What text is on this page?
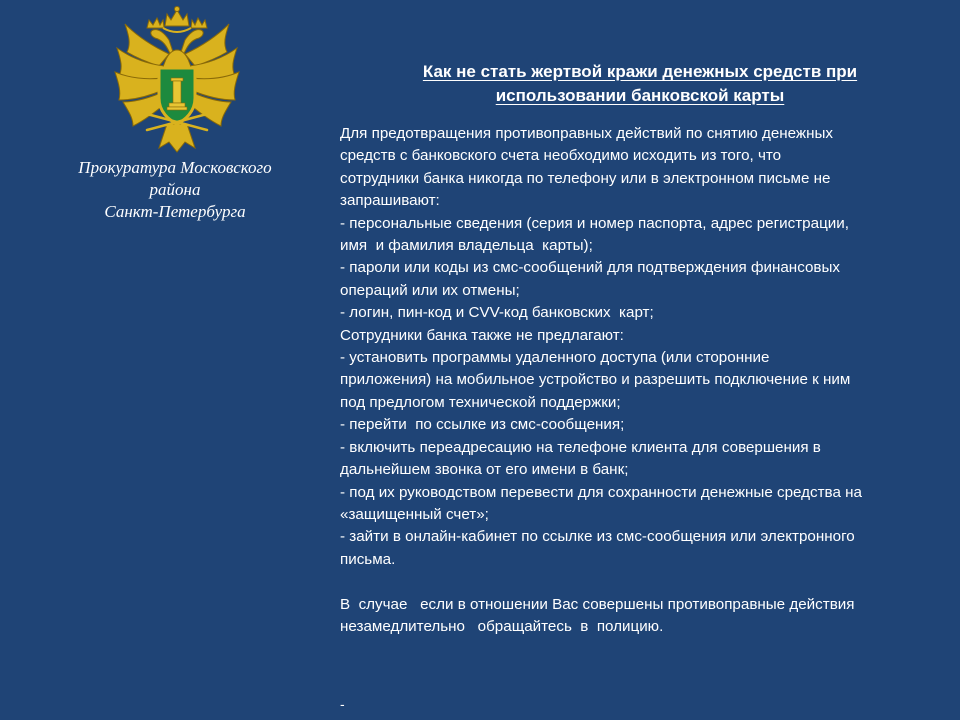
Прокуратура Московского
района
Санкт-Петербурга
Как не стать жертвой кражи денежных средств при
использовании банковской карты
Для предотвращения противоправных действий по снятию денежных
средств с банковского счета необходимо исходить из того, что
сотрудники банка никогда по телефону или в электронном письме не
запрашивают:
- персональные сведения (серия и номер паспорта, адрес регистрации,
имя  и фамилия владельца  карты);
- пароли или коды из смс-сообщений для подтверждения финансовых
операций или их отмены;
- логин, пин-код и CVV-код банковских  карт;
Сотрудники банка также не предлагают:
- установить программы удаленного доступа (или сторонние
приложения) на мобильное устройство и разрешить подключение к ним
под предлогом технической поддержки;
- перейти  по ссылке из смс-сообщения;
- включить переадресацию на телефоне клиента для совершения в
дальнейшем звонка от его имени в банк;
- под их руководством перевести для сохранности денежные средства на
«защищенный счет»;
- зайти в онлайн-кабинет по ссылке из смс-сообщения или электронного
письма.
В  случае   если в отношении Вас совершены противоправные действия
незамедлительно   обращайтесь  в  полицию.
-
